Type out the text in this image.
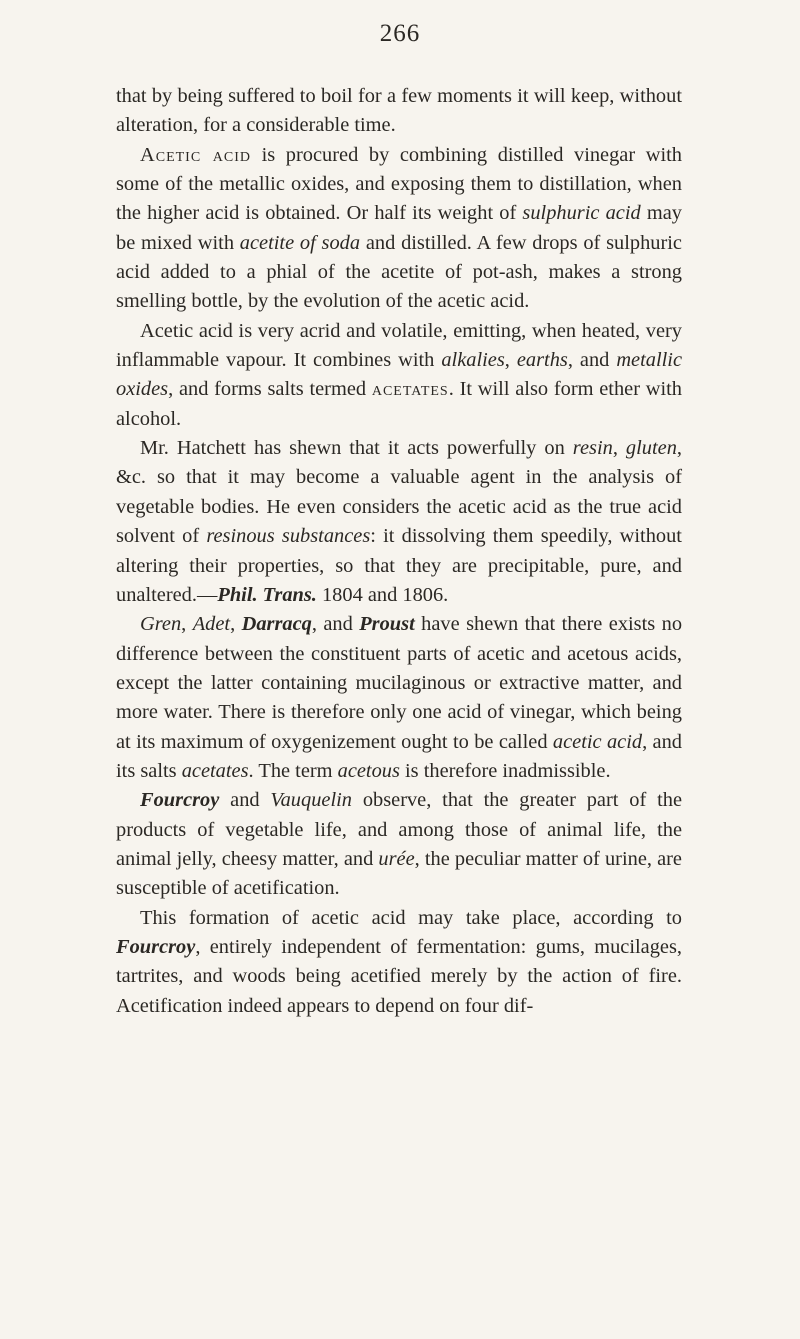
266

that by being suffered to boil for a few moments it will keep, without alteration, for a considerable time.

Acetic acid is procured by combining distilled vinegar with some of the metallic oxides, and exposing them to distillation, when the higher acid is obtained. Or half its weight of sulphuric acid may be mixed with acetite of soda and distilled. A few drops of sulphuric acid added to a phial of the acetite of pot-ash, makes a strong smelling bottle, by the evolution of the acetic acid.

Acetic acid is very acrid and volatile, emitting, when heated, very inflammable vapour. It combines with alkalies, earths, and metallic oxides, and forms salts termed acetates. It will also form ether with alcohol.

Mr. Hatchett has shewn that it acts powerfully on resin, gluten, &c. so that it may become a valuable agent in the analysis of vegetable bodies. He even considers the acetic acid as the true acid solvent of resinous substances: it dissolving them speedily, without altering their properties, so that they are precipitable, pure, and unaltered.—Phil. Trans. 1804 and 1806.

Gren, Adet, Darracq, and Proust have shewn that there exists no difference between the constituent parts of acetic and acetous acids, except the latter containing mucilaginous or extractive matter, and more water. There is therefore only one acid of vinegar, which being at its maximum of oxygenizement ought to be called acetic acid, and its salts acetates. The term acetous is therefore inadmissible.

Fourcroy and Vauquelin observe, that the greater part of the products of vegetable life, and among those of animal life, the animal jelly, cheesy matter, and urée, the peculiar matter of urine, are susceptible of acetification.

This formation of acetic acid may take place, according to Fourcroy, entirely independent of fermentation: gums, mucilages, tartrites, and woods being acetified merely by the action of fire. Acetification indeed appears to depend on four dif-
